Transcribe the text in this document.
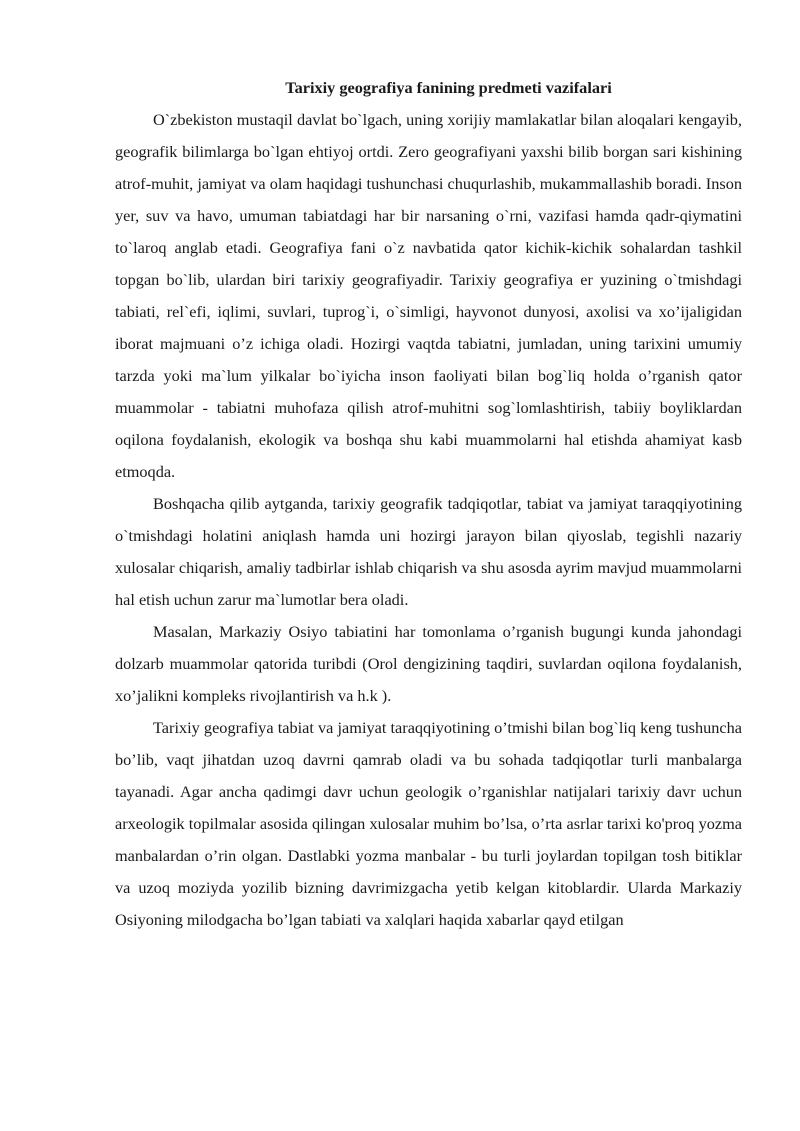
Tarixiy geografiya fanining predmeti vazifalari

O`zbekiston mustaqil davlat bo`lgach, uning xorijiy mamlakatlar bilan aloqalari kengayib, geografik bilimlarga bo`lgan ehtiyoj ortdi. Zero geografiyani yaxshi bilib borgan sari kishining atrof-muhit, jamiyat va olam haqidagi tushunchasi chuqurlashib, mukammallashib boradi. Inson yer, suv va havo, umuman tabiatdagi har bir narsaning o`rni, vazifasi hamda qadr-qiymatini to`laroq anglab etadi. Geografiya fani o`z navbatida qator kichik-kichik sohalardan tashkil topgan bo`lib, ulardan biri tarixiy geografiyadir. Tarixiy geografiya er yuzining o`tmishdagi tabiati, rel`efi, iqlimi, suvlari, tuprog`i, o`simligi, hayvonot dunyosi, axolisi va xo’ijaligidan iborat majmuani o’z ichiga oladi. Hozirgi vaqtda tabiatni, jumladan, uning tarixini umumiy tarzda yoki ma`lum yilkalar bo`iyicha inson faoliyati bilan bog`liq holda o’rganish qator muammolar - tabiatni muhofaza qilish atrof-muhitni sog`lomlashtirish, tabiiy boyliklardan oqilona foydalanish, ekologik va boshqa shu kabi muammolarni hal etishda ahamiyat kasb etmoqda.

Boshqacha qilib aytganda, tarixiy geografik tadqiqotlar, tabiat va jamiyat taraqqiyotining o`tmishdagi holatini aniqlash hamda uni hozirgi jarayon bilan qiyoslab, tegishli nazariy xulosalar chiqarish, amaliy tadbirlar ishlab chiqarish va shu asosda ayrim mavjud muammolarni hal etish uchun zarur ma`lumotlar bera oladi.

Masalan, Markaziy Osiyo tabiatini har tomonlama o’rganish bugungi kunda jahondagi dolzarb muammolar qatorida turibdi (Orol dengizining taqdiri, suvlardan oqilona foydalanish, xo’jalikni kompleks rivojlantirish va h.k ).

Tarixiy geografiya tabiat va jamiyat taraqqiyotining o’tmishi bilan bog`liq keng tushuncha bo’lib, vaqt jihatdan uzoq davrni qamrab oladi va bu sohada tadqiqotlar turli manbalarga tayanadi. Agar ancha qadimgi davr uchun geologik o’rganishlar natijalari tarixiy davr uchun arxeologik topilmalar asosida qilingan xulosalar muhim bo’lsa, o’rta asrlar tarixi ko'proq yozma manbalardan o’rin olgan. Dastlabki yozma manbalar - bu turli joylardan topilgan tosh bitiklar va uzoq moziyda yozilib bizning davrimizgacha yetib kelgan kitoblardir. Ularda Markaziy Osiyoning milodgacha bo’lgan tabiati va xalqlari haqida xabarlar qayd etilgan
